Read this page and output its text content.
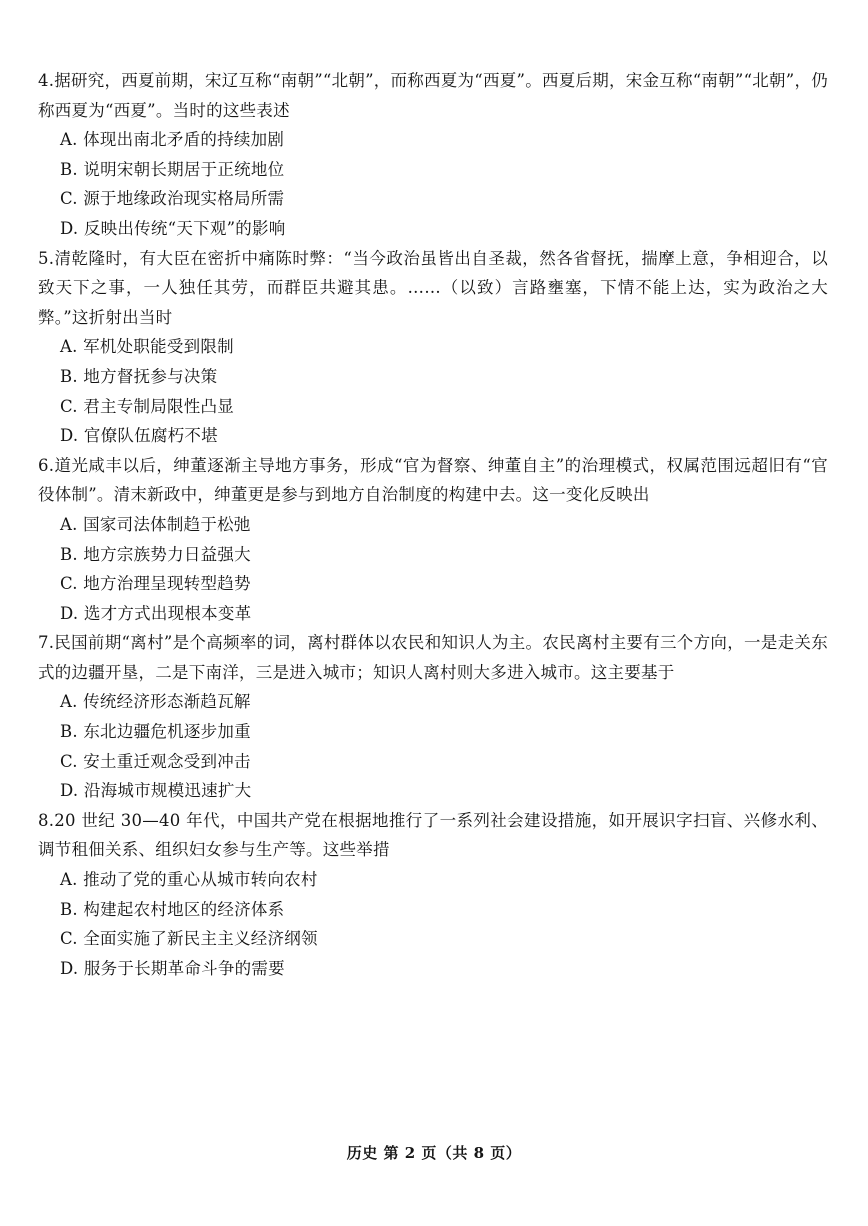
4.据研究，西夏前期，宋辽互称“南朝”“北朝”，而称西夏为“西夏”。西夏后期，宋金互称“南朝”“北朝”，仍称西夏为“西夏”。当时的这些表述

A. 体现出南北矛盾的持续加剧
B. 说明宋朝长期居于正统地位
C. 源于地缘政治现实格局所需
D. 反映出传统“天下观”的影响

5.清乾隆时，有大臣在密折中痛陈时弊：“当今政治虽皆出自圣裁，然各省督抚，揣摩上意，争相迎合，以致天下之事，一人独任其劳，而群臣共避其患。……（以致）言路壅塞，下情不能上达，实为政治之大弊。”这折射出当时

A. 军机处职能受到限制
B. 地方督抚参与决策
C. 君主专制局限性凸显
D. 官僚队伍腐朽不堪

6.道光咸丰以后，绅董逐渐主导地方事务，形成“官为督察、绅董自主”的治理模式，权属范围远超旧有“官役体制”。清末新政中，绅董更是参与到地方自治制度的构建中去。这一变化反映出

A. 国家司法体制趋于松弛
B. 地方宗族势力日益强大
C. 地方治理呈现转型趋势
D. 选才方式出现根本变革

7.民国前期“离村”是个高频率的词，离村群体以农民和知识人为主。农民离村主要有三个方向，一是走关东式的边疆开垦，二是下南洋，三是进入城市；知识人离村则大多进入城市。这主要基于

A. 传统经济形态渐趋瓦解
B. 东北边疆危机逐步加重
C. 安土重迁观念受到冲击
D. 沿海城市规模迅速扩大

8.20 世纪 30—40 年代，中国共产党在根据地推行了一系列社会建设措施，如开展识字扫盲、兴修水利、调节租佃关系、组织妇女参与生产等。这些举措

A. 推动了党的重心从城市转向农村
B. 构建起农村地区的经济体系
C. 全面实施了新民主主义经济纲领
D. 服务于长期革命斗争的需要
历史 第 2 页（共 8 页）
